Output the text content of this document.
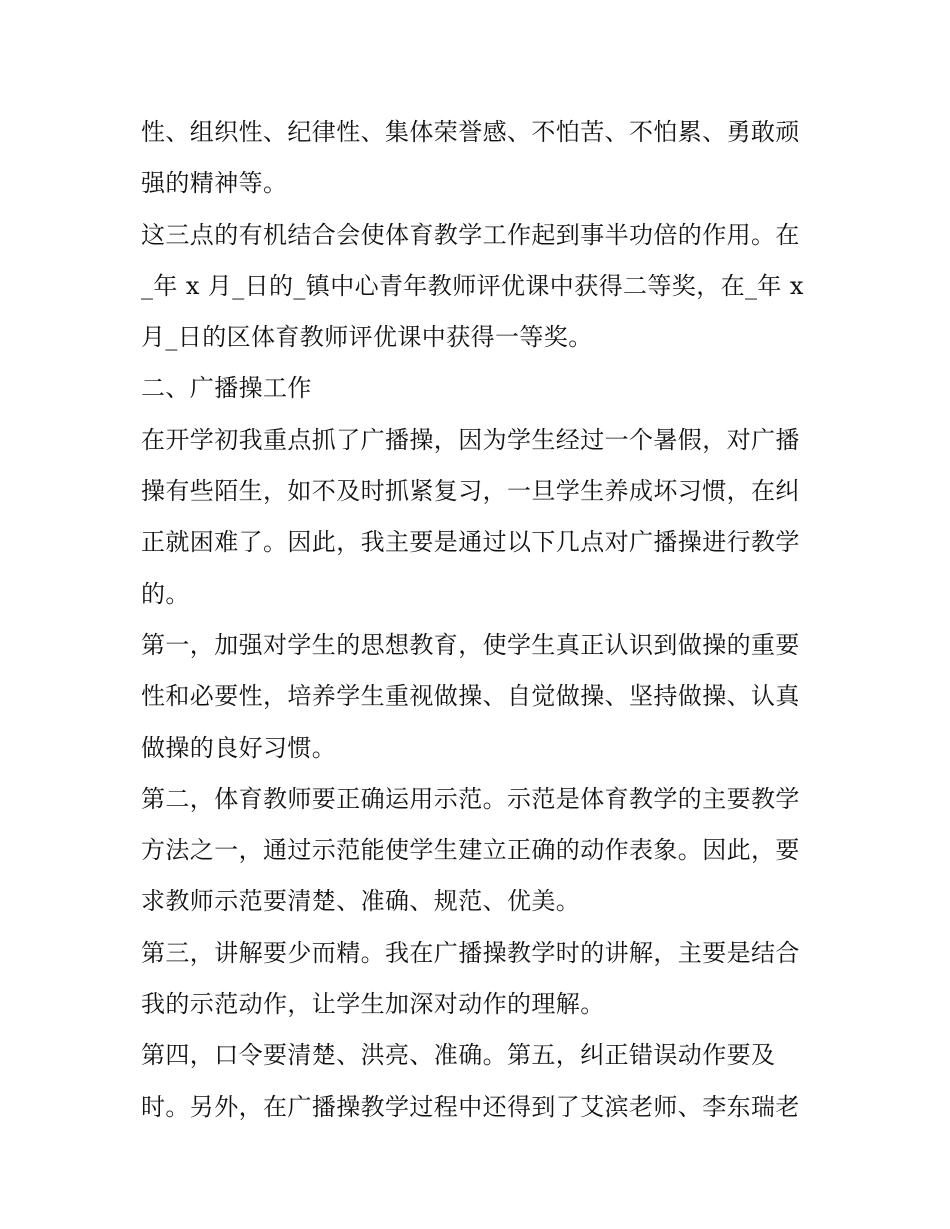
性、组织性、纪律性、集体荣誉感、不怕苦、不怕累、勇敢顽
强的精神等。
这三点的有机结合会使体育教学工作起到事半功倍的作用。在
_年 x 月_日的_镇中心青年教师评优课中获得二等奖，在_年 x
月_日的区体育教师评优课中获得一等奖。
二、广播操工作
在开学初我重点抓了广播操，因为学生经过一个暑假，对广播
操有些陌生，如不及时抓紧复习，一旦学生养成坏习惯，在纠
正就困难了。因此，我主要是通过以下几点对广播操进行教学
的。
第一，加强对学生的思想教育，使学生真正认识到做操的重要
性和必要性，培养学生重视做操、自觉做操、坚持做操、认真
做操的良好习惯。
第二，体育教师要正确运用示范。示范是体育教学的主要教学
方法之一，通过示范能使学生建立正确的动作表象。因此，要
求教师示范要清楚、准确、规范、优美。
第三，讲解要少而精。我在广播操教学时的讲解，主要是结合
我的示范动作，让学生加深对动作的理解。
第四，口令要清楚、洪亮、准确。第五，纠正错误动作要及
时。另外，在广播操教学过程中还得到了艾滨老师、李东瑞老
